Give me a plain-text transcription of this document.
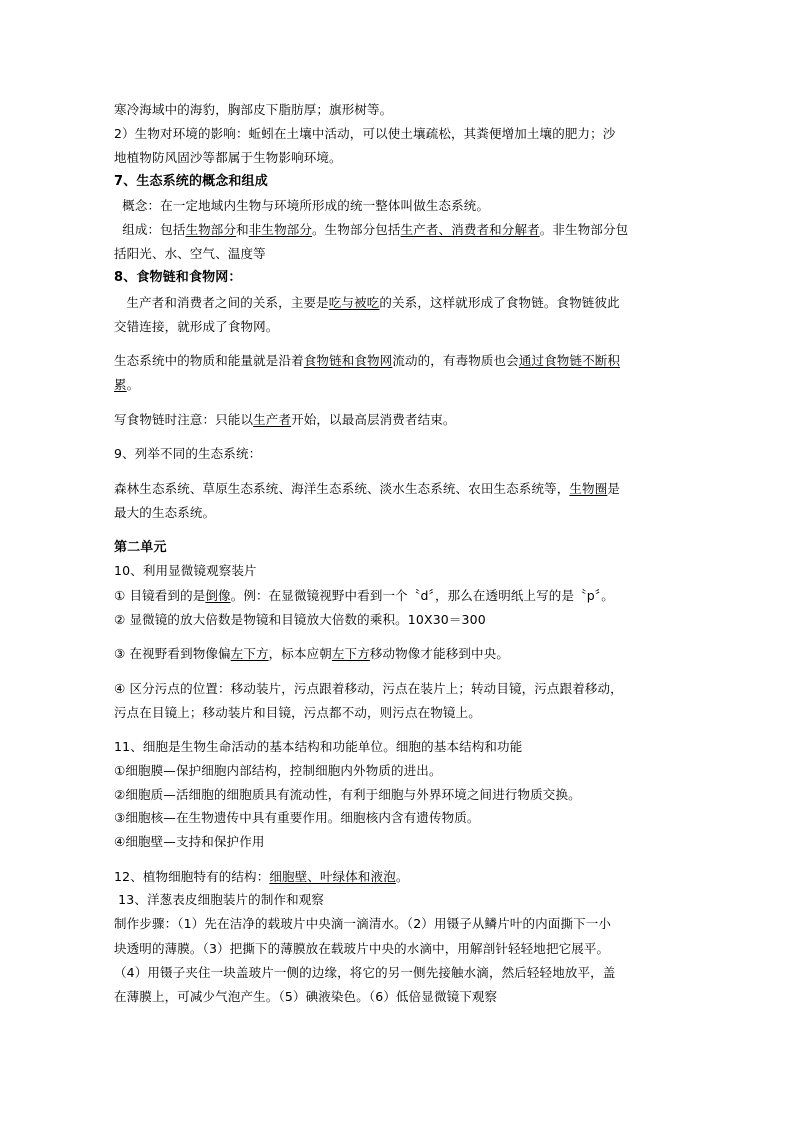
寒冷海域中的海豹，胸部皮下脂肪厚；旗形树等。
2）生物对环境的影响：蚯蚓在土壤中活动，可以使土壤疏松，其粪便增加土壤的肥力；沙
地植物防风固沙等都属于生物影响环境。
7、生态系统的概念和组成
概念：在一定地域内生物与环境所形成的统一整体叫做生态系统。
组成：包括生物部分和非生物部分。生物部分包括生产者、消费者和分解者。非生物部分包
括阳光、水、空气、温度等
8、食物链和食物网：
生产者和消费者之间的关系，主要是吃与被吃的关系，这样就形成了食物链。食物链彼此
交错连接，就形成了食物网。
生态系统中的物质和能量就是沿着食物链和食物网流动的，有毒物质也会通过食物链不断积
累。
写食物链时注意：只能以生产者开始，以最高层消费者结束。
9、列举不同的生态系统：
森林生态系统、草原生态系统、海洋生态系统、淡水生态系统、农田生态系统等，生物圈是
最大的生态系统。
第二单元
10、利用显微镜观察装片
① 目镜看到的是倒像。例：在显微镜视野中看到一个〝d〞，那么在透明纸上写的是〝p〞。
② 显微镜的放大倍数是物镜和目镜放大倍数的乘积。10X30＝300
③ 在视野看到物像偏左下方，标本应朝左下方移动物像才能移到中央。
④ 区分污点的位置：移动装片，污点跟着移动，污点在装片上；转动目镜，污点跟着移动，
污点在目镜上；移动装片和目镜，污点都不动，则污点在物镜上。
11、细胞是生物生命活动的基本结构和功能单位。细胞的基本结构和功能
①细胞膜—保护细胞内部结构，控制细胞内外物质的进出。
②细胞质—活细胞的细胞质具有流动性，有利于细胞与外界环境之间进行物质交换。
③细胞核—在生物遗传中具有重要作用。细胞核内含有遗传物质。
④细胞壁—支持和保护作用
12、植物细胞特有的结构：细胞壁、叶绿体和液泡。
13、洋葱表皮细胞装片的制作和观察
制作步骤：（1）先在洁净的载玻片中央滴一滴清水。（2）用镊子从鳞片叶的内面撕下一小
块透明的薄膜。（3）把撕下的薄膜放在载玻片中央的水滴中，用解剖针轻轻地把它展平。
（4）用镊子夹住一块盖玻片一侧的边缘，将它的另一侧先接触水滴，然后轻轻地放平，盖
在薄膜上，可减少气泡产生。（5）碘液染色。（6）低倍显微镜下观察
